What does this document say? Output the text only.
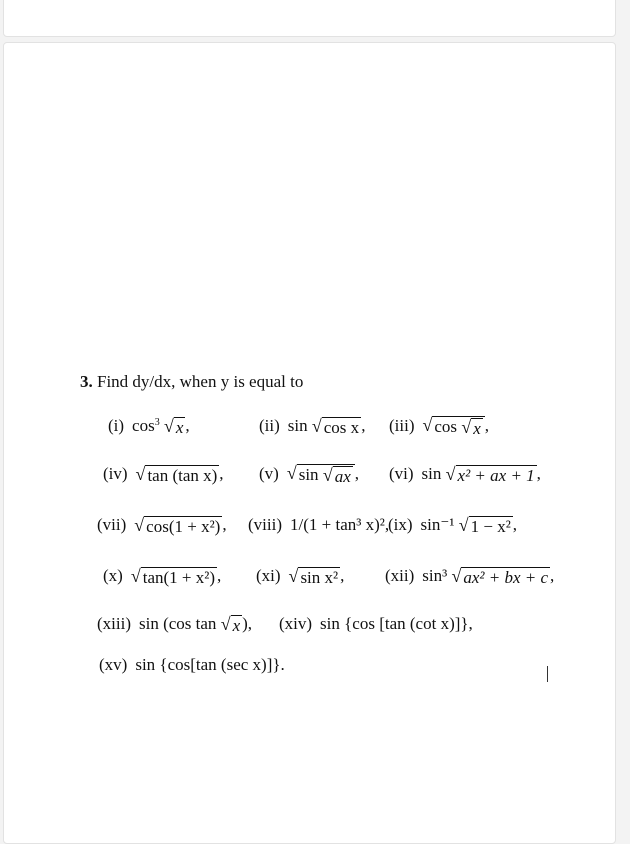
3. Find dy/dx, when y is equal to
(i) $\cos^3$ √ x ,	(ii) sin √ cos x , (iii) √ cos √ x ,
(iv) √ tan (tan x) , (v) √ sin √ ax , (vi) sin √ x² + ax + 1 ,
(vii) √ cos(1 + x²) , (viii) 1/(1 + tan³ x)²,
(ix) sin⁻¹ √ 1 − x² ,
(x) √ tan(1 + x²) , (xi) √ sin x² , (xii) sin³ √ ax² + bx + c ,
(xiii) sin (cos tan √ x ), (xiv) sin {cos [tan (cot x)]},
(xv) sin {cos[tan (sec x)]}.
